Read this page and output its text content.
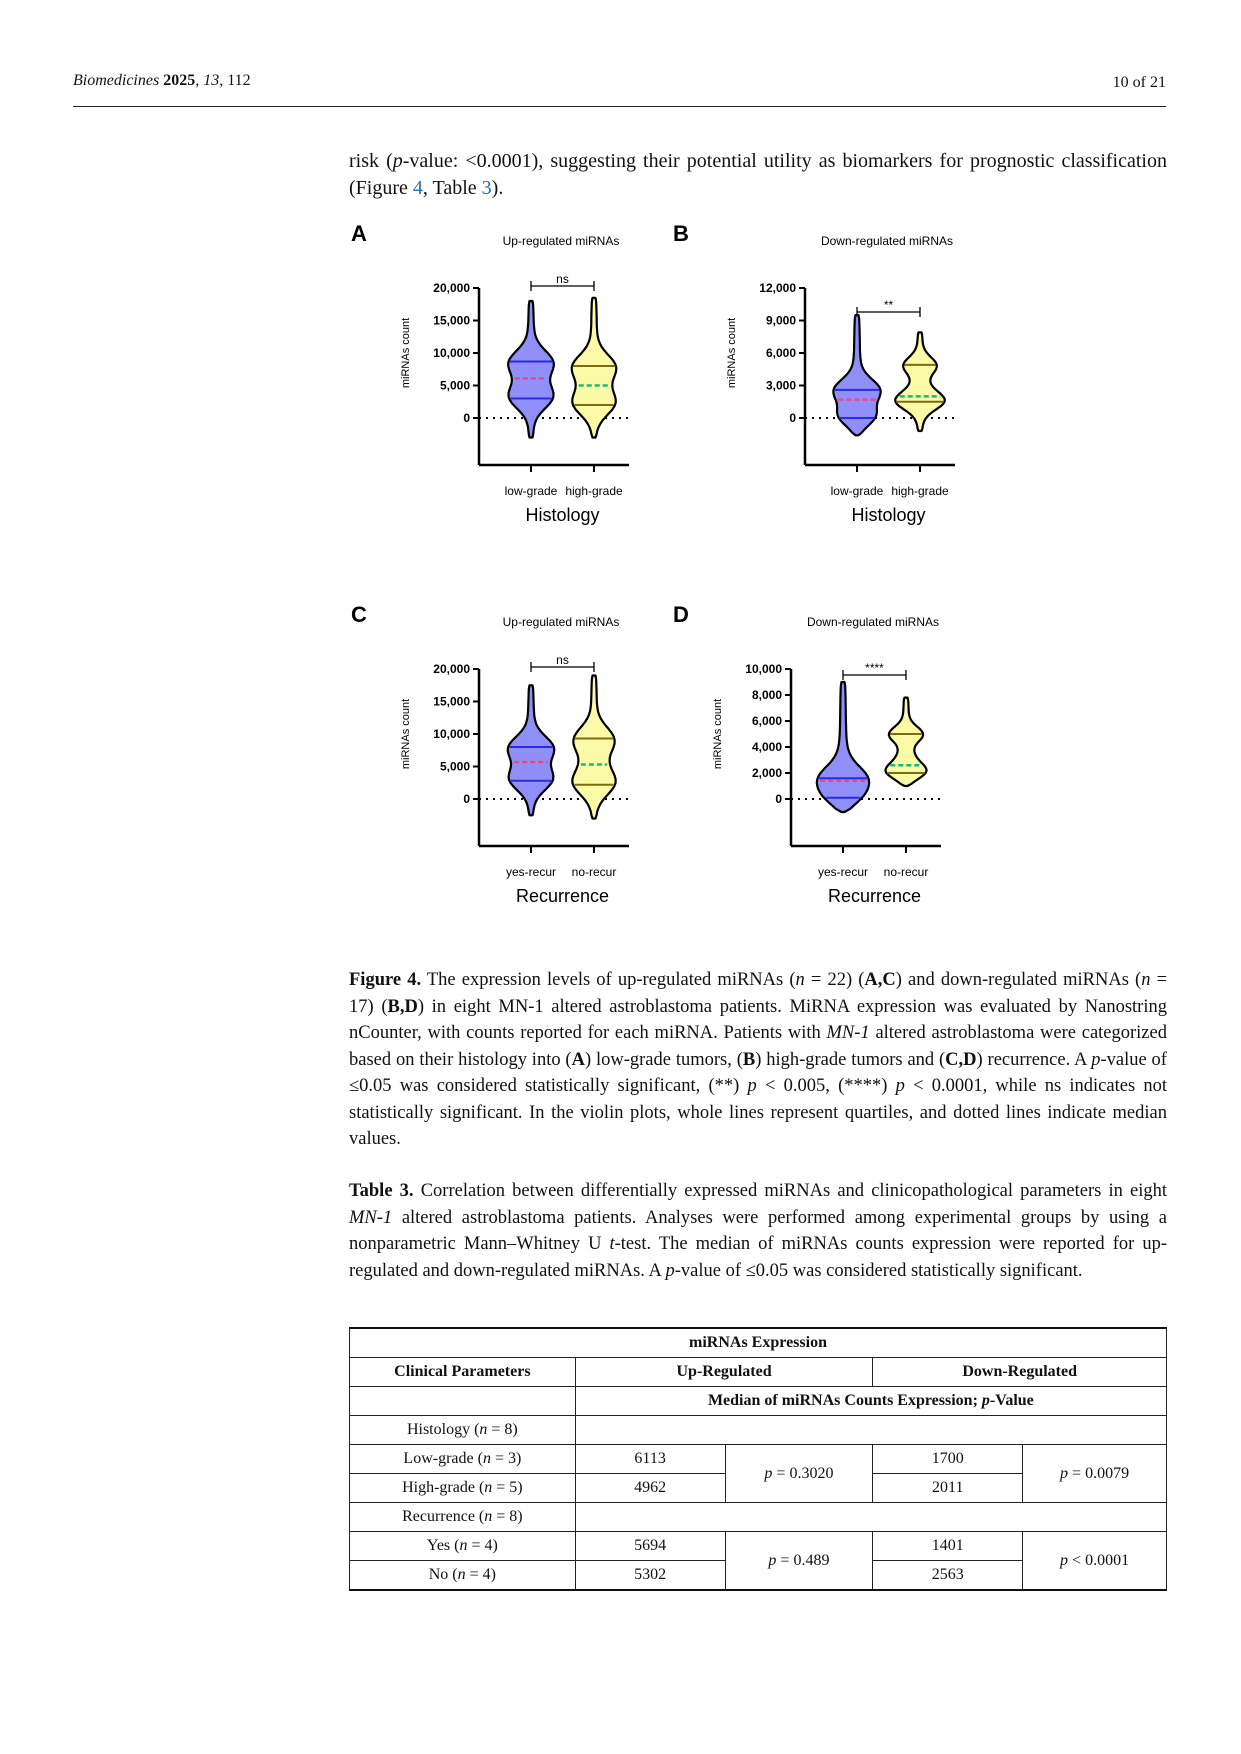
Biomedicines 2025, 13, 112	10 of 21
risk (p-value: <0.0001), suggesting their potential utility as biomarkers for prognostic classification (Figure 4, Table 3).
A	Up-regulated miRNAs
0
5,000
10,000
15,000
20,000
miRNAs count
low-grade high-grade
Histology
ns
B	Down-regulated miRNAs
0
3,000
6,000
9,000
12,000
miRNAs count
low-grade high-grade
Histology
**
C	Up-regulated miRNAs
0
5,000
10,000
15,000
20,000
miRNAs count
yes-recur no-recur
Recurrence
ns
D	Down-regulated miRNAs
0
2,000
4,000
6,000
8,000
10,000
miRNAs count
yes-recur no-recur
Recurrence
****
Figure 4. The expression levels of up-regulated miRNAs (n = 22) (A,C) and down-regulated miRNAs (n = 17) (B,D) in eight MN-1 altered astroblastoma patients. MiRNA expression was evaluated by Nanostring nCounter, with counts reported for each miRNA. Patients with MN-1 altered astroblastoma were categorized based on their histology into (A) low-grade tumors, (B) high-grade tumors and (C,D) recurrence. A p-value of ≤0.05 was considered statistically significant, (**) p < 0.005, (****) p < 0.0001, while ns indicates not statistically significant. In the violin plots, whole lines represent quartiles, and dotted lines indicate median values.
Table 3. Correlation between differentially expressed miRNAs and clinicopathological parameters in eight MN-1 altered astroblastoma patients. Analyses were performed among experimental groups by using a nonparametric Mann–Whitney U t-test. The median of miRNAs counts expression were reported for up-regulated and down-regulated miRNAs. A p-value of ≤0.05 was considered statistically significant.
miRNAs Expression				
Clinical Parameters	Up-Regulated		Down-Regulated	
	Median of miRNAs Counts Expression; p-Value			
Histology (n = 8)				
Low-grade (n = 3)	6113	p = 0.3020	1700	p = 0.0079
High-grade (n = 5)	4962		2011	
Recurrence (n = 8)				
Yes (n = 4)	5694	p = 0.489	1401	p < 0.0001
No (n = 4)	5302		2563	
